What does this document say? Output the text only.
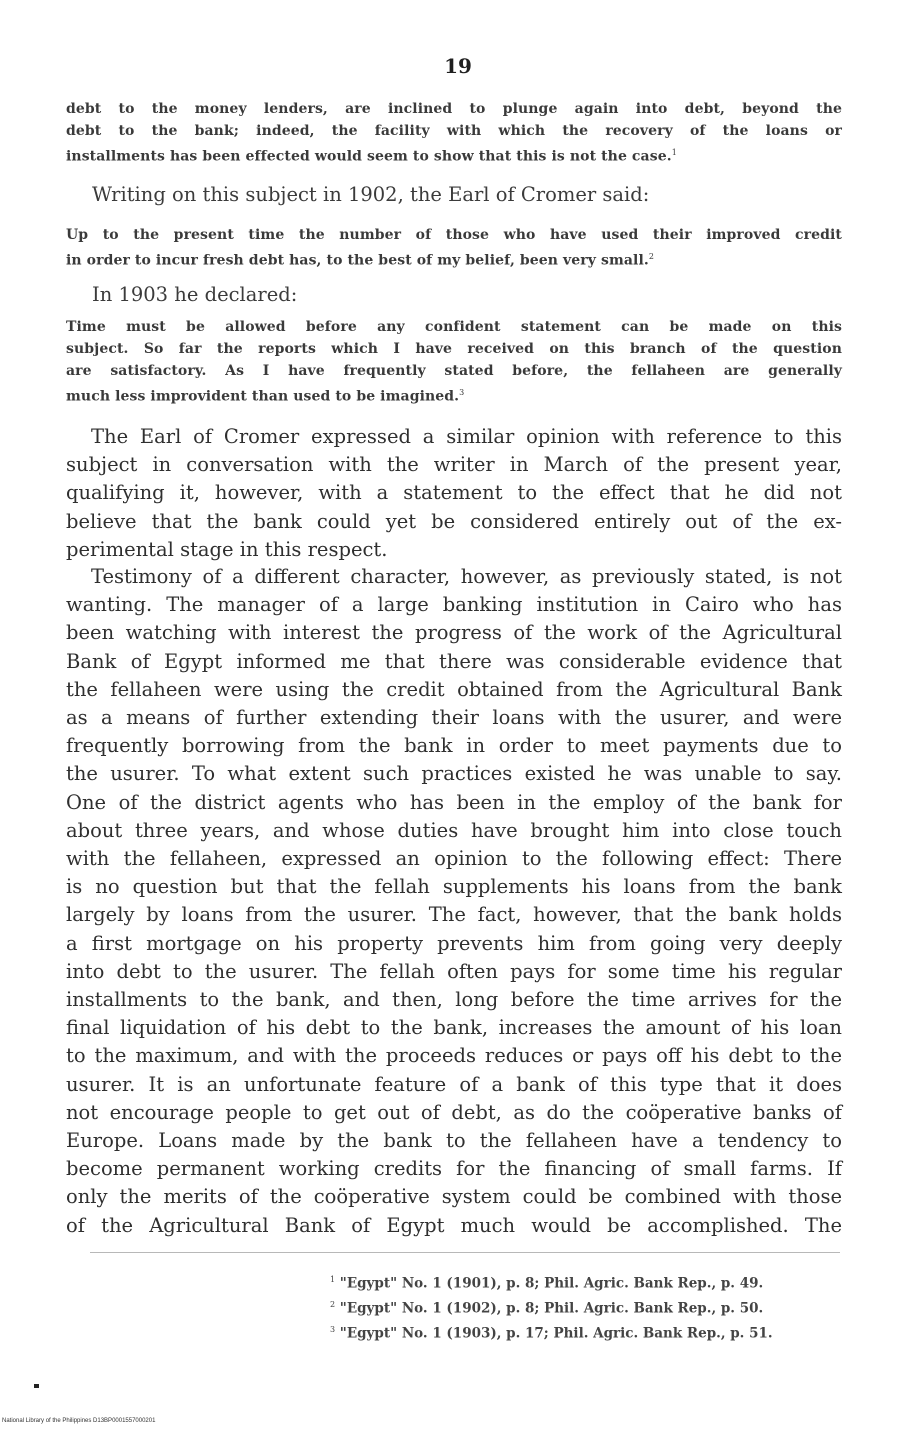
19
debt to the money lenders, are inclined to plunge again into debt, beyond the
debt to the bank; indeed, the facility with which the recovery of the loans or
installments has been effected would seem to show that this is not the case.$^1$
Writing on this subject in 1902, the Earl of Cromer said:
Up to the present time the number of those who have used their improved credit
in order to incur fresh debt has, to the best of my belief, been very small.$^2$
In 1903 he declared:
Time must be allowed before any confident statement can be made on this
subject. So far the reports which I have received on this branch of the question
are satisfactory. As I have frequently stated before, the fellaheen are generally
much less improvident than used to be imagined.$^3$
The Earl of Cromer expressed a similar opinion with reference to this
subject in conversation with the writer in March of the present year,
qualifying it, however, with a statement to the effect that he did not
believe that the bank could yet be considered entirely out of the ex-
perimental stage in this respect.
Testimony of a different character, however, as previously stated, is not
wanting. The manager of a large banking institution in Cairo who has
been watching with interest the progress of the work of the Agricultural
Bank of Egypt informed me that there was considerable evidence that
the fellaheen were using the credit obtained from the Agricultural Bank
as a means of further extending their loans with the usurer, and were
frequently borrowing from the bank in order to meet payments due to
the usurer. To what extent such practices existed he was unable to say.
One of the district agents who has been in the employ of the bank for
about three years, and whose duties have brought him into close touch
with the fellaheen, expressed an opinion to the following effect: There
is no question but that the fellah supplements his loans from the bank
largely by loans from the usurer. The fact, however, that the bank holds
a first mortgage on his property prevents him from going very deeply
into debt to the usurer. The fellah often pays for some time his regular
installments to the bank, and then, long before the time arrives for the
final liquidation of his debt to the bank, increases the amount of his loan
to the maximum, and with the proceeds reduces or pays off his debt to the
usurer. It is an unfortunate feature of a bank of this type that it does
not encourage people to get out of debt, as do the coöperative banks of
Europe. Loans made by the bank to the fellaheen have a tendency to
become permanent working credits for the financing of small farms. If
only the merits of the coöperative system could be combined with those
of the Agricultural Bank of Egypt much would be accomplished. The
$^1$ "Egypt" No. 1 (1901), p. 8; Phil. Agric. Bank Rep., p. 49.
$^2$ "Egypt" No. 1 (1902), p. 8; Phil. Agric. Bank Rep., p. 50.
$^3$ "Egypt" No. 1 (1903), p. 17; Phil. Agric. Bank Rep., p. 51.
National Library of the Philippines D13BP0001557000201
